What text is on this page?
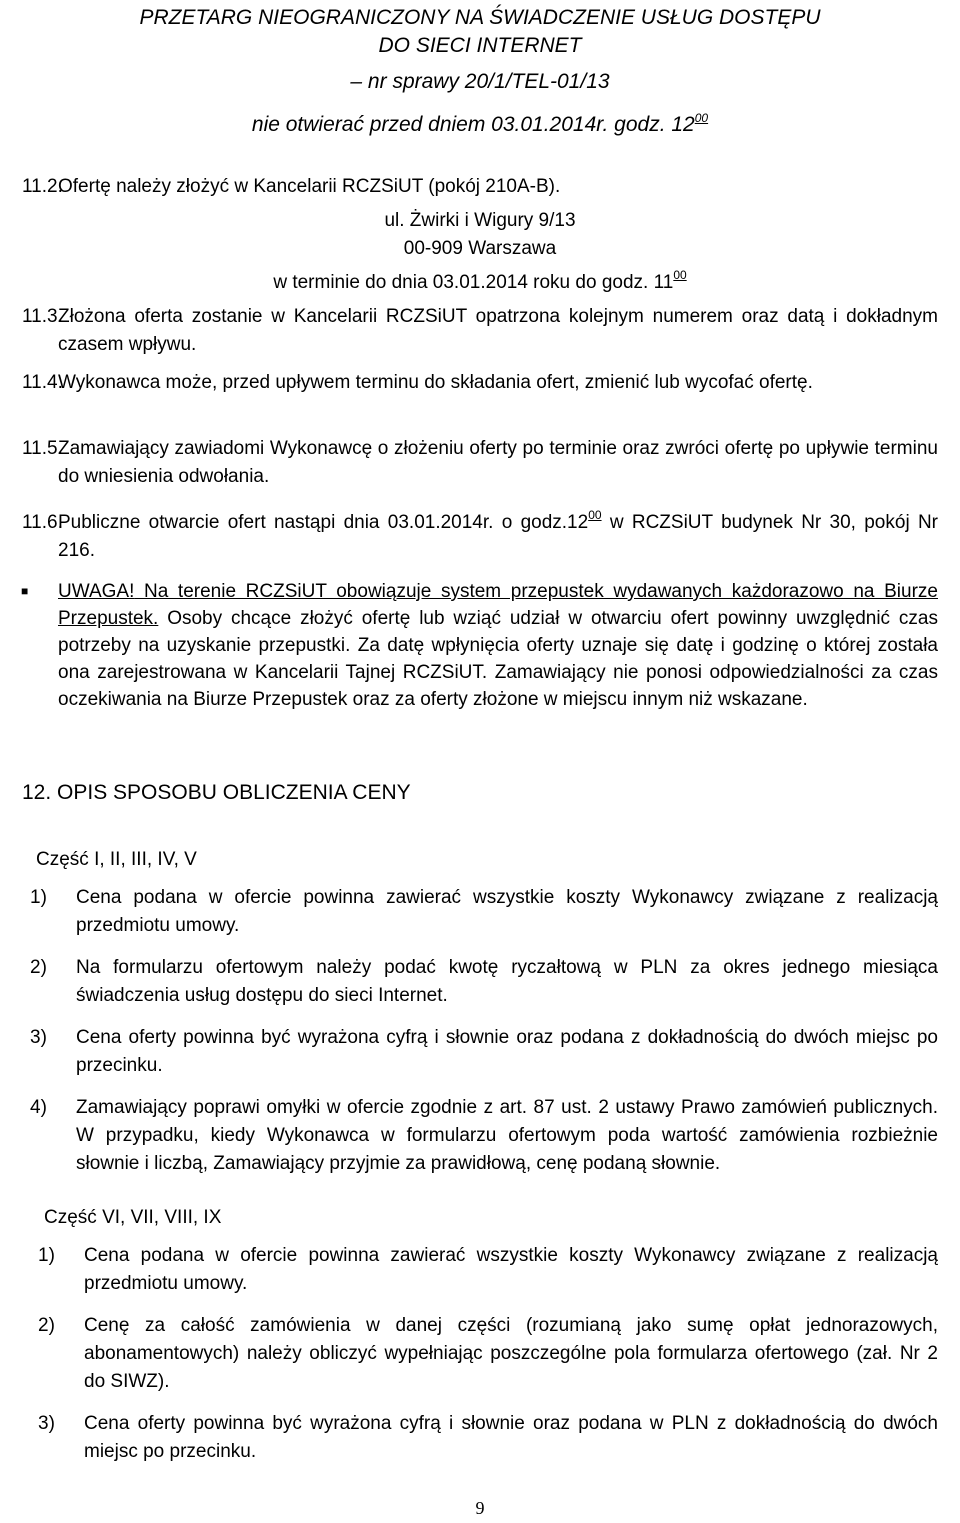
PRZETARG NIEOGRANICZONY NA ŚWIADCZENIE USŁUG DOSTĘPU
DO SIECI INTERNET
– nr sprawy 20/1/TEL-01/13
nie otwierać przed dniem 03.01.2014r. godz. $12^{00}$
11.2.Ofertę należy złożyć w Kancelarii RCZSiUT (pokój 210A-B).
ul. Żwirki i Wigury 9/13
00-909 Warszawa
w terminie do dnia 03.01.2014 roku do godz. $11^{00}$
11.3.Złożona oferta zostanie w Kancelarii RCZSiUT opatrzona kolejnym numerem oraz datą i dokładnym czasem wpływu.
11.4.Wykonawca może, przed upływem terminu do składania ofert, zmienić lub wycofać ofertę.
11.5.Zamawiający zawiadomi Wykonawcę o złożeniu oferty po terminie oraz zwróci ofertę po upływie terminu do wniesienia odwołania.
11.6.Publiczne otwarcie ofert nastąpi dnia 03.01.2014r. o $godz.12^{00}$ w RCZSiUT budynek Nr 30, pokój Nr 216.
■	UWAGA! Na terenie RCZSiUT obowiązuje system przepustek wydawanych każdorazowo na Biurze Przepustek. Osoby chcące złożyć ofertę lub wziąć udział w otwarciu ofert powinny uwzględnić czas potrzeby na uzyskanie przepustki. Za datę wpłynięcia oferty uznaje się datę i godzinę o której została ona zarejestrowana w Kancelarii Tajnej RCZSiUT. Zamawiający nie ponosi odpowiedzialności za czas oczekiwania na Biurze Przepustek oraz za oferty złożone w miejscu innym niż wskazane.
12. OPIS SPOSOBU OBLICZENIA CENY
Część I, II, III, IV, V
1) Cena podana w ofercie powinna zawierać wszystkie koszty Wykonawcy związane z realizacją przedmiotu umowy.
2) Na formularzu ofertowym należy podać kwotę ryczałtową w PLN za okres jednego miesiąca świadczenia usług dostępu do sieci Internet.
3) Cena oferty powinna być wyrażona cyfrą i słownie oraz podana z dokładnością do dwóch miejsc po przecinku.
4) Zamawiający poprawi omyłki w ofercie zgodnie z art. 87 ust. 2 ustawy Prawo zamówień publicznych. W przypadku, kiedy Wykonawca w formularzu ofertowym poda wartość zamówienia rozbieżnie słownie i liczbą, Zamawiający przyjmie za prawidłową, cenę podaną słownie.
Część VI, VII, VIII, IX
1) Cena podana w ofercie powinna zawierać wszystkie koszty Wykonawcy związane z realizacją przedmiotu umowy.
2) Cenę za całość zamówienia w danej części (rozumianą jako sumę opłat jednorazowych, abonamentowych) należy obliczyć wypełniając poszczególne pola formularza ofertowego (zał. Nr 2 do SIWZ).
3) Cena oferty powinna być wyrażona cyfrą i słownie oraz podana w PLN z dokładnością do dwóch miejsc po przecinku.
9
